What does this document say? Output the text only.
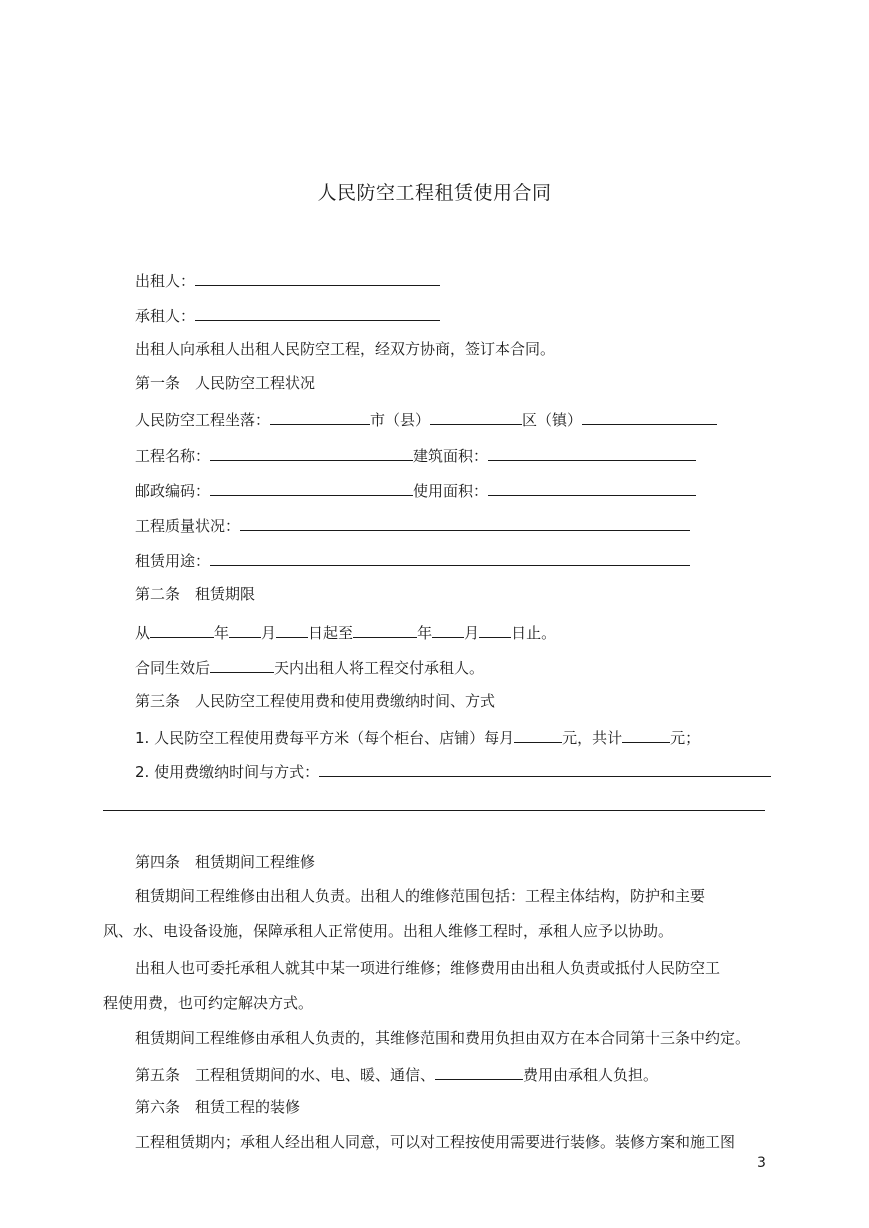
人民防空工程租赁使用合同
出租人：
承租人：
出租人向承租人出租人民防空工程，经双方协商，签订本合同。
第一条 人民防空工程状况
人民防空工程坐落：	市（县）	区（镇）
工程名称：	建筑面积：
邮政编码：	使用面积：
工程质量状况：
租赁用途：
第二条 租赁期限
从	年 月 日起至	年 月 日止。
合同生效后	天内出租人将工程交付承租人。
第三条 人民防空工程使用费和使用费缴纳时间、方式
1. 人民防空工程使用费每平方米（每个柜台、店铺）每月	元，共计	元；
2. 使用费缴纳时间与方式：
第四条 租赁期间工程维修
租赁期间工程维修由出租人负责。出租人的维修范围包括：工程主体结构，防护和主要
风、水、电设备设施，保障承租人正常使用。出租人维修工程时，承租人应予以协助。
出租人也可委托承租人就其中某一项进行维修；维修费用由出租人负责或抵付人民防空工
程使用费，也可约定解决方式。
租赁期间工程维修由承租人负责的，其维修范围和费用负担由双方在本合同第十三条中约定。
第五条 工程租赁期间的水、电、暖、通信、	费用由承租人负担。
第六条 租赁工程的装修
工程租赁期内；承租人经出租人同意，可以对工程按使用需要进行装修。装修方案和施工图
3
